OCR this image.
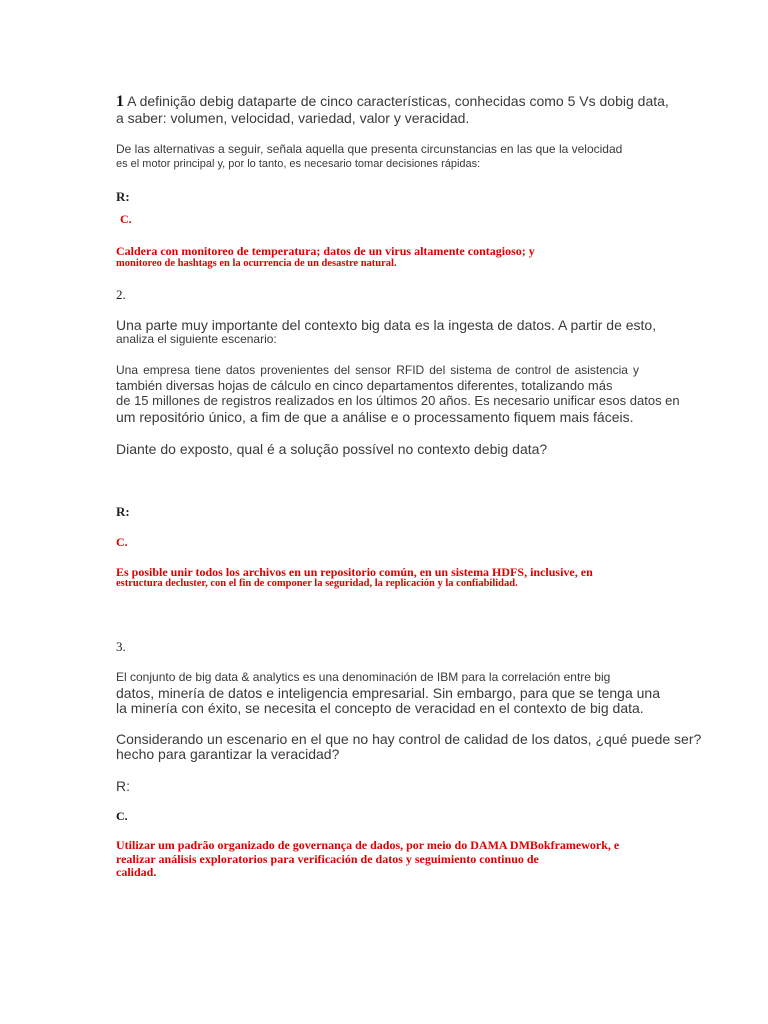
1 A definição debig dataparte de cinco características, conhecidas como 5 Vs dobig data,
a saber: volumen, velocidad, variedad, valor y veracidad.
De las alternativas a seguir, señala aquella que presenta circunstancias en las que la velocidad
es el motor principal y, por lo tanto, es necesario tomar decisiones rápidas:
R:
C.
Caldera con monitoreo de temperatura; datos de un virus altamente contagioso; y
monitoreo de hashtags en la ocurrencia de un desastre natural.
2.
Una parte muy importante del contexto big data es la ingesta de datos. A partir de esto,
analiza el siguiente escenario:
Una empresa tiene datos provenientes del sensor RFID del sistema de control de asistencia y
también diversas hojas de cálculo en cinco departamentos diferentes, totalizando más
de 15 millones de registros realizados en los últimos 20 años. Es necesario unificar esos datos en
um repositório único, a fim de que a análise e o processamento fiquem mais fáceis.
Diante do exposto, qual é a solução possível no contexto debig data?
R:
C.
Es posible unir todos los archivos en un repositorio común, en un sistema HDFS, inclusive, en
estructura decluster, con el fin de componer la seguridad, la replicación y la confiabilidad.
3.
El conjunto de big data & analytics es una denominación de IBM para la correlación entre big
datos, minería de datos e inteligencia empresarial. Sin embargo, para que se tenga una
la minería con éxito, se necesita el concepto de veracidad en el contexto de big data.
Considerando un escenario en el que no hay control de calidad de los datos, ¿qué puede ser?
hecho para garantizar la veracidad?
R:
C.
Utilizar um padrão organizado de governança de dados, por meio do DAMA DMBokframework, e
realizar análisis exploratorios para verificación de datos y seguimiento continuo de
calidad.
